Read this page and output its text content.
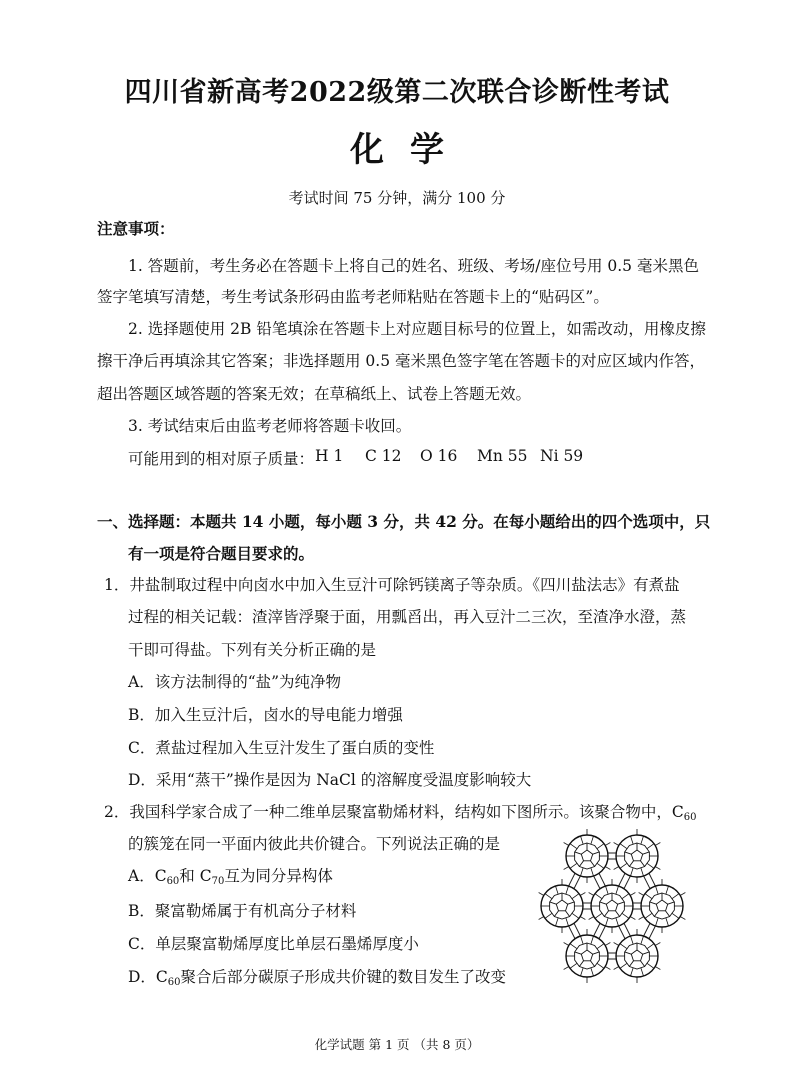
四川省新高考2022级第二次联合诊断性考试
化学
考试时间 75 分钟，满分 100 分
注意事项：
1. 答题前，考生务必在答题卡上将自己的姓名、班级、考场/座位号用 0.5 毫米黑色
签字笔填写清楚，考生考试条形码由监考老师粘贴在答题卡上的“贴码区”。
2. 选择题使用 2B 铅笔填涂在答题卡上对应题目标号的位置上，如需改动，用橡皮擦
擦干净后再填涂其它答案；非选择题用 0.5 毫米黑色签字笔在答题卡的对应区域内作答，
超出答题区域答题的答案无效；在草稿纸上、试卷上答题无效。
3. 考试结束后由监考老师将答题卡收回。
可能用到的相对原子质量： H 1 C 12 O 16 Mn 55 Ni 59
一、选择题：本题共 14 小题，每小题 3 分，共 42 分。在每小题给出的四个选项中，只
有一项是符合题目要求的。
1．井盐制取过程中向卤水中加入生豆汁可除钙镁离子等杂质。《四川盐法志》有煮盐
过程的相关记载：渣滓皆浮聚于面，用瓢舀出，再入豆汁二三次，至渣净水澄，蒸
干即可得盐。下列有关分析正确的是
A．该方法制得的“盐”为纯净物
B．加入生豆汁后，卤水的导电能力增强
C．煮盐过程加入生豆汁发生了蛋白质的变性
D．采用“蒸干”操作是因为 NaCl 的溶解度受温度影响较大
2．我国科学家合成了一种二维单层聚富勒烯材料，结构如下图所示。该聚合物中，$C_{60}$
的簇笼在同一平面内彼此共价键合。下列说法正确的是
A．$C_{60}$和 $C_{70}$互为同分异构体
B．聚富勒烯属于有机高分子材料
C．单层聚富勒烯厚度比单层石墨烯厚度小
D．$C_{60}$聚合后部分碳原子形成共价键的数目发生了改变
化学试题 第 1 页 （共 8 页）
